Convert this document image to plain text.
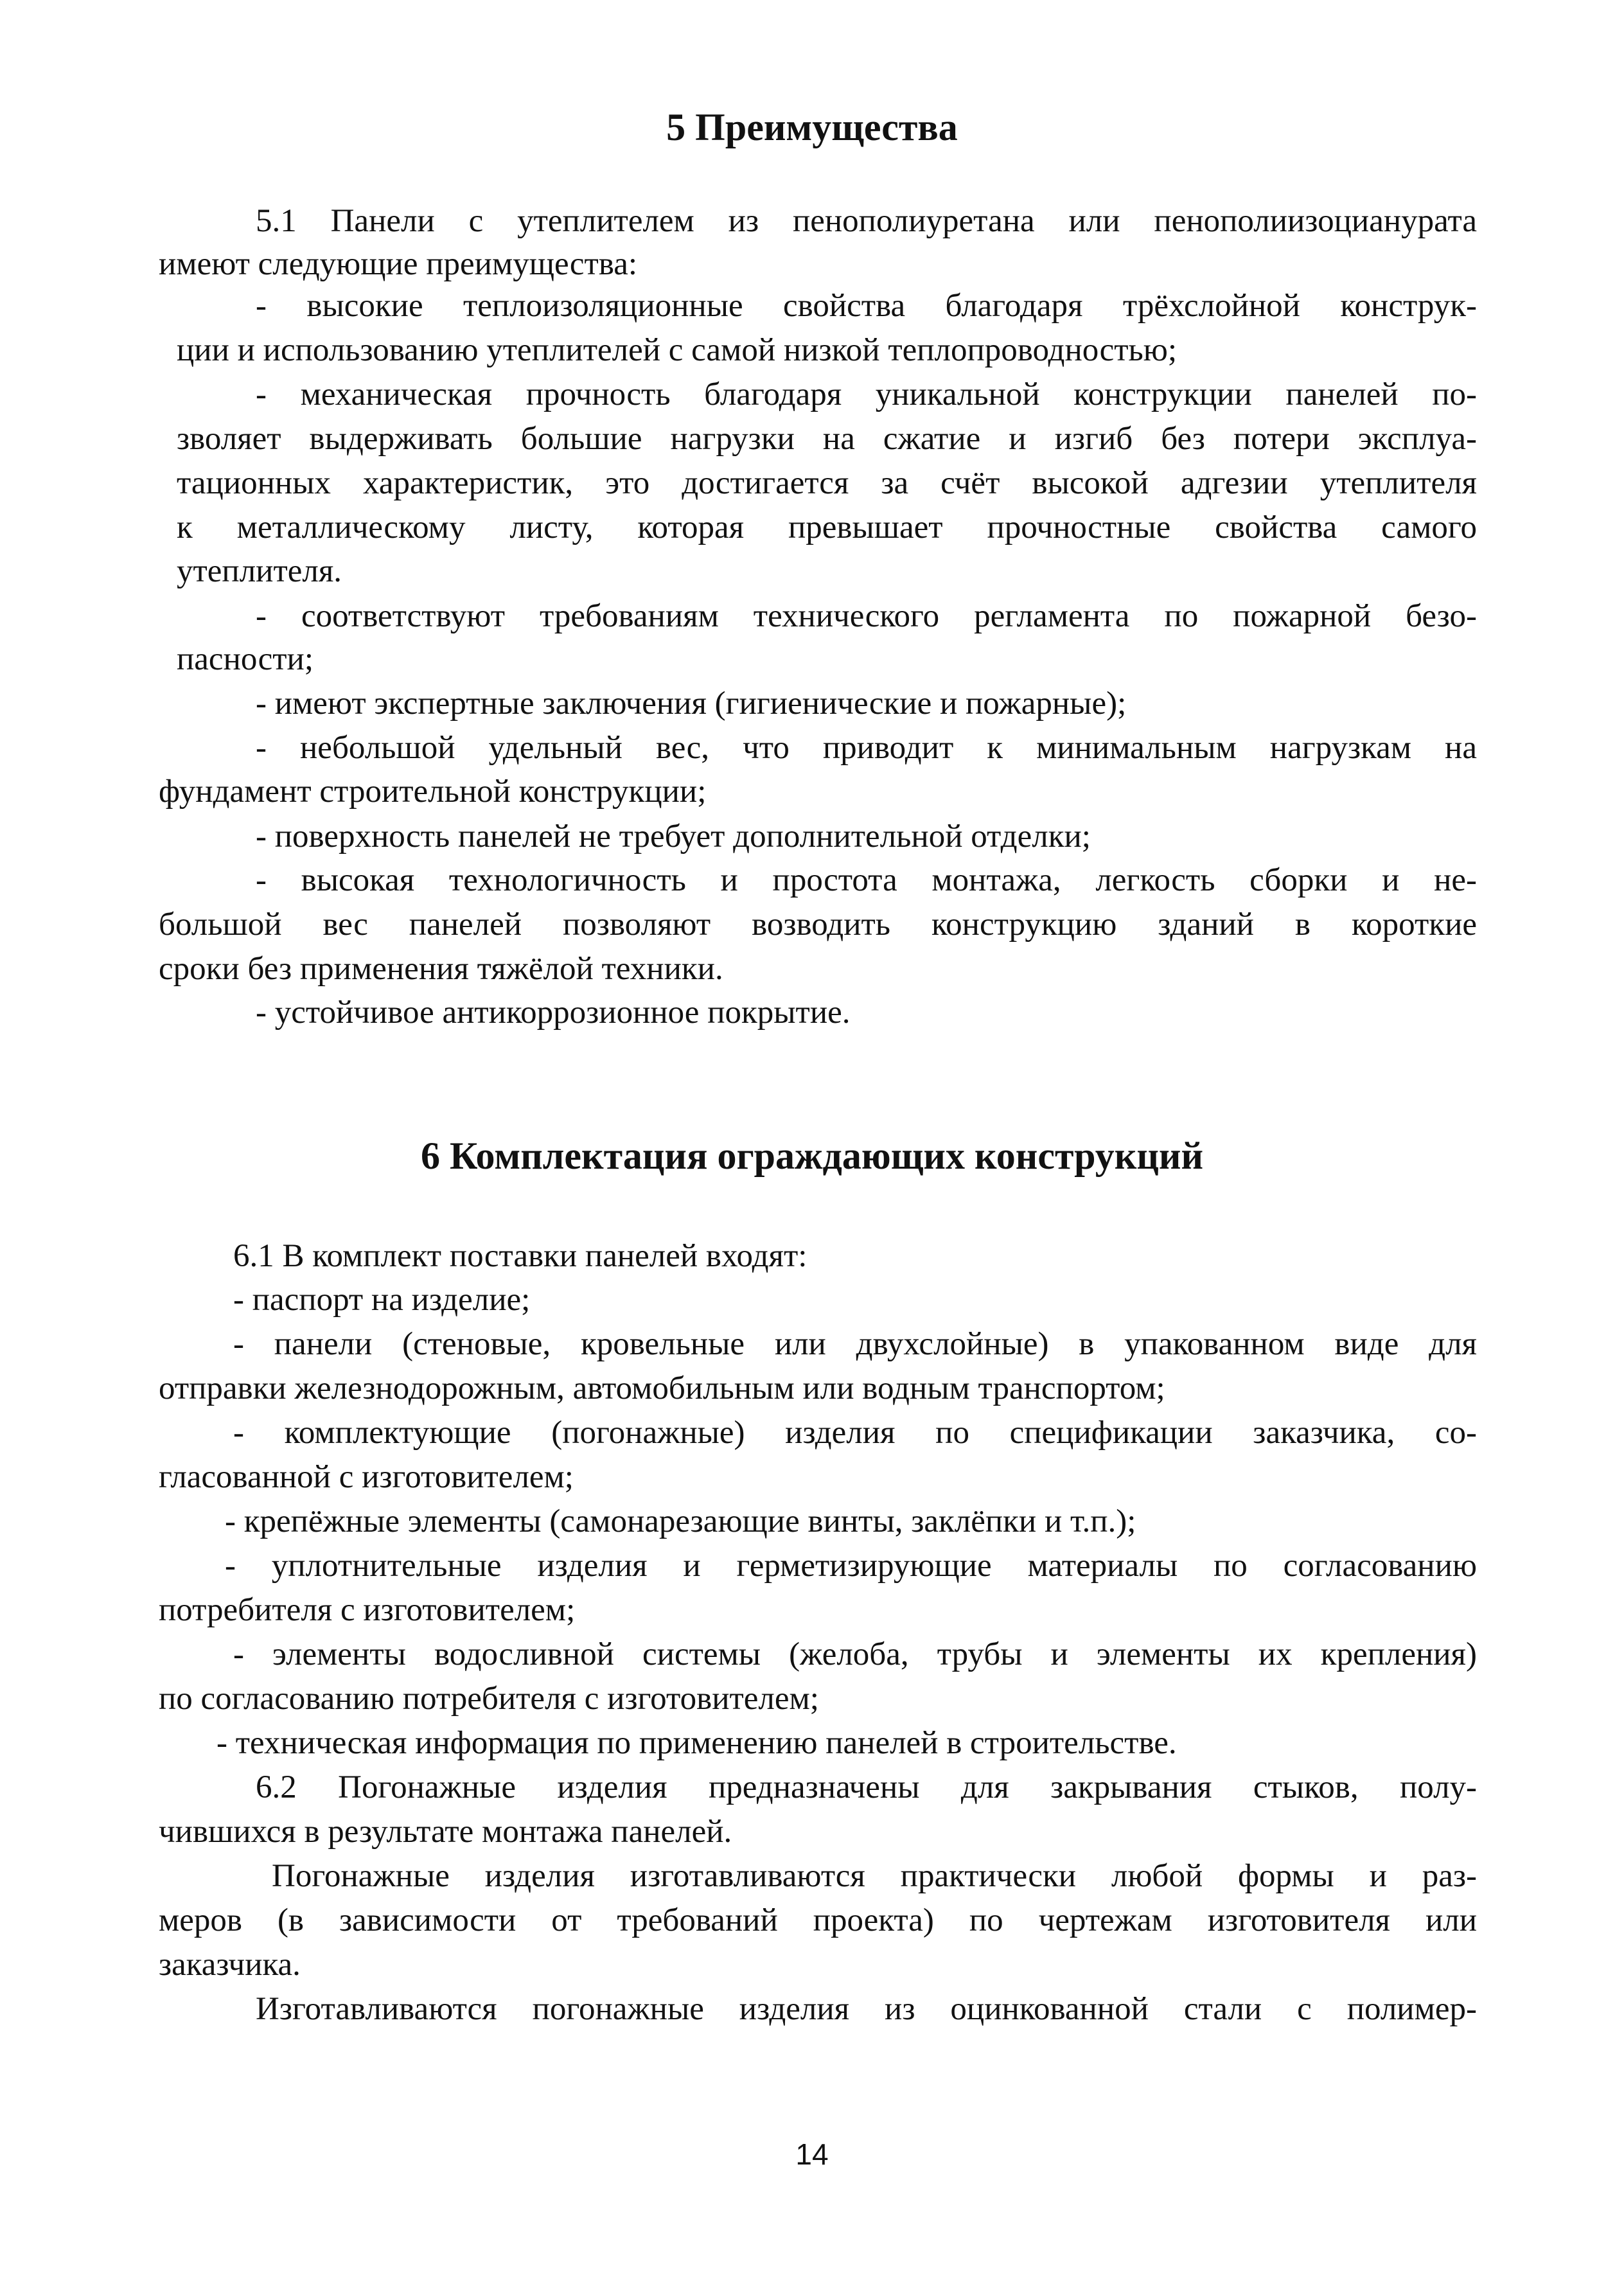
5 Преимущества

5.1 Панели с утеплителем из пенополиуретана или пенополиизоцианурата

имеют следующие преимущества:

- высокие теплоизоляционные свойства благодаря трёхслойной конструк-

ции и использованию утеплителей с самой низкой теплопроводностью;

- механическая прочность благодаря уникальной конструкции панелей по-

зволяет выдерживать большие нагрузки на сжатие и изгиб без потери эксплуа-

тационных характеристик, это достигается за счёт высокой адгезии утеплителя

к металлическому листу, которая превышает прочностные свойства самого

утеплителя.

- соответствуют требованиям технического регламента по пожарной безо-

пасности;

- имеют экспертные заключения (гигиенические и пожарные);

- небольшой удельный вес, что приводит к минимальным нагрузкам на

фундамент строительной конструкции;

- поверхность панелей не требует дополнительной отделки;

- высокая технологичность и простота монтажа, легкость сборки и не-

большой вес панелей позволяют возводить конструкцию зданий в короткие

сроки без применения тяжёлой техники.

- устойчивое антикоррозионное покрытие.

6 Комплектация ограждающих конструкций

6.1 В комплект поставки панелей входят:

- паспорт на изделие;

- панели (стеновые, кровельные или двухслойные) в упакованном виде для

отправки железнодорожным, автомобильным или водным транспортом;

- комплектующие (погонажные) изделия по спецификации заказчика, со-

гласованной с изготовителем;

- крепёжные элементы (самонарезающие винты, заклёпки и т.п.);

- уплотнительные изделия и герметизирующие материалы по согласованию

потребителя с изготовителем;

- элементы водосливной системы (желоба, трубы и элементы их крепления)

по согласованию потребителя с изготовителем;

- техническая информация по применению панелей в строительстве.

6.2 Погонажные изделия предназначены для закрывания стыков, полу-

чившихся в результате монтажа панелей.

Погонажные изделия изготавливаются практически любой формы и раз-

меров (в зависимости от требований проекта) по чертежам изготовителя или

заказчика.

Изготавливаются погонажные изделия из оцинкованной стали с полимер-

14
